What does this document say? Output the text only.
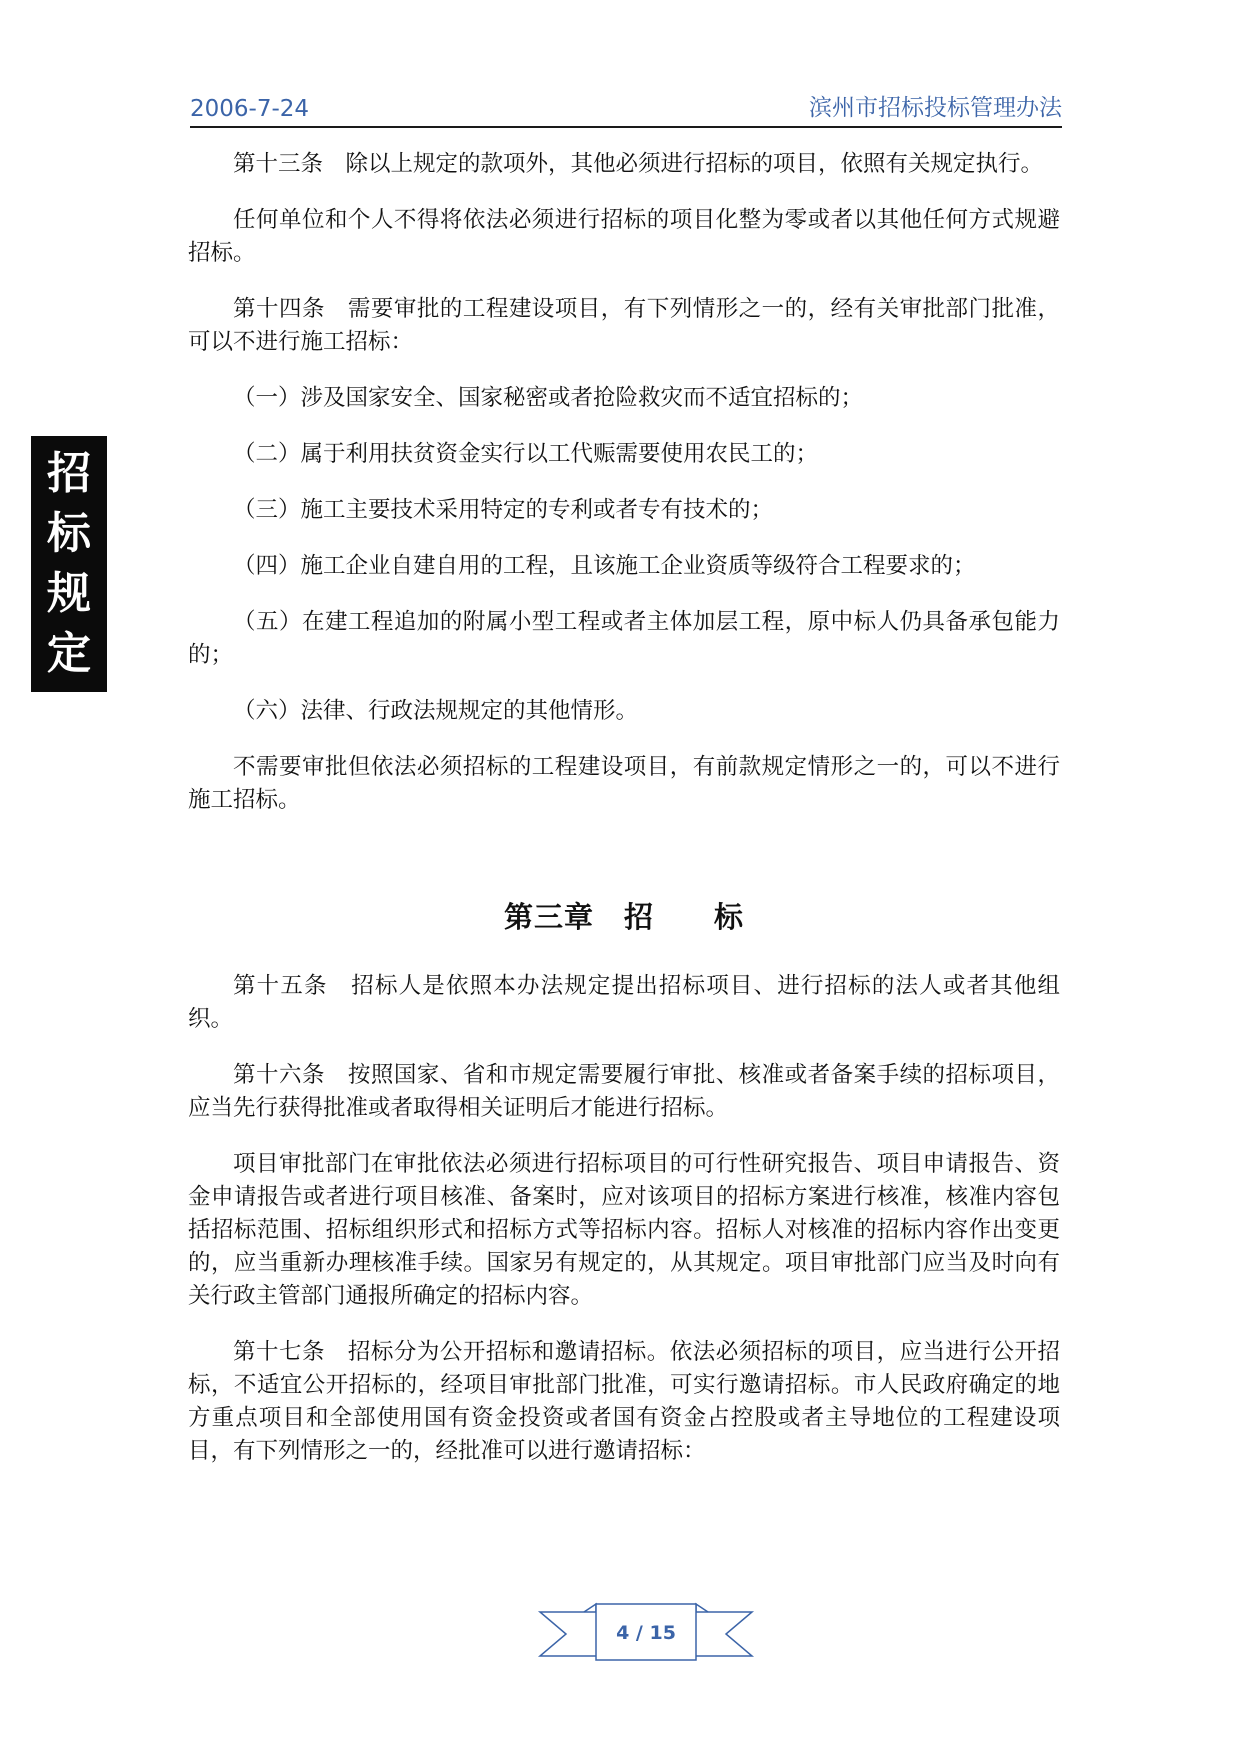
2006-7-24	滨州市招标投标管理办法
招
标
规
定

第十三条　除以上规定的款项外，其他必须进行招标的项目，依照有关规定执行。

任何单位和个人不得将依法必须进行招标的项目化整为零或者以其他任何方式规避招标。

第十四条　需要审批的工程建设项目，有下列情形之一的，经有关审批部门批准，可以不进行施工招标：

（一）涉及国家安全、国家秘密或者抢险救灾而不适宜招标的；

（二）属于利用扶贫资金实行以工代赈需要使用农民工的；

（三）施工主要技术采用特定的专利或者专有技术的；

（四）施工企业自建自用的工程，且该施工企业资质等级符合工程要求的；

（五）在建工程追加的附属小型工程或者主体加层工程，原中标人仍具备承包能力的；

（六）法律、行政法规规定的其他情形。

不需要审批但依法必须招标的工程建设项目，有前款规定情形之一的，可以不进行施工招标。

第三章　招　　标

第十五条　招标人是依照本办法规定提出招标项目、进行招标的法人或者其他组织。

第十六条　按照国家、省和市规定需要履行审批、核准或者备案手续的招标项目，应当先行获得批准或者取得相关证明后才能进行招标。

项目审批部门在审批依法必须进行招标项目的可行性研究报告、项目申请报告、资金申请报告或者进行项目核准、备案时，应对该项目的招标方案进行核准，核准内容包括招标范围、招标组织形式和招标方式等招标内容。招标人对核准的招标内容作出变更的，应当重新办理核准手续。国家另有规定的，从其规定。项目审批部门应当及时向有关行政主管部门通报所确定的招标内容。

第十七条　招标分为公开招标和邀请招标。依法必须招标的项目，应当进行公开招标，不适宜公开招标的，经项目审批部门批准，可实行邀请招标。市人民政府确定的地方重点项目和全部使用国有资金投资或者国有资金占控股或者主导地位的工程建设项目，有下列情形之一的，经批准可以进行邀请招标：

4 / 15
